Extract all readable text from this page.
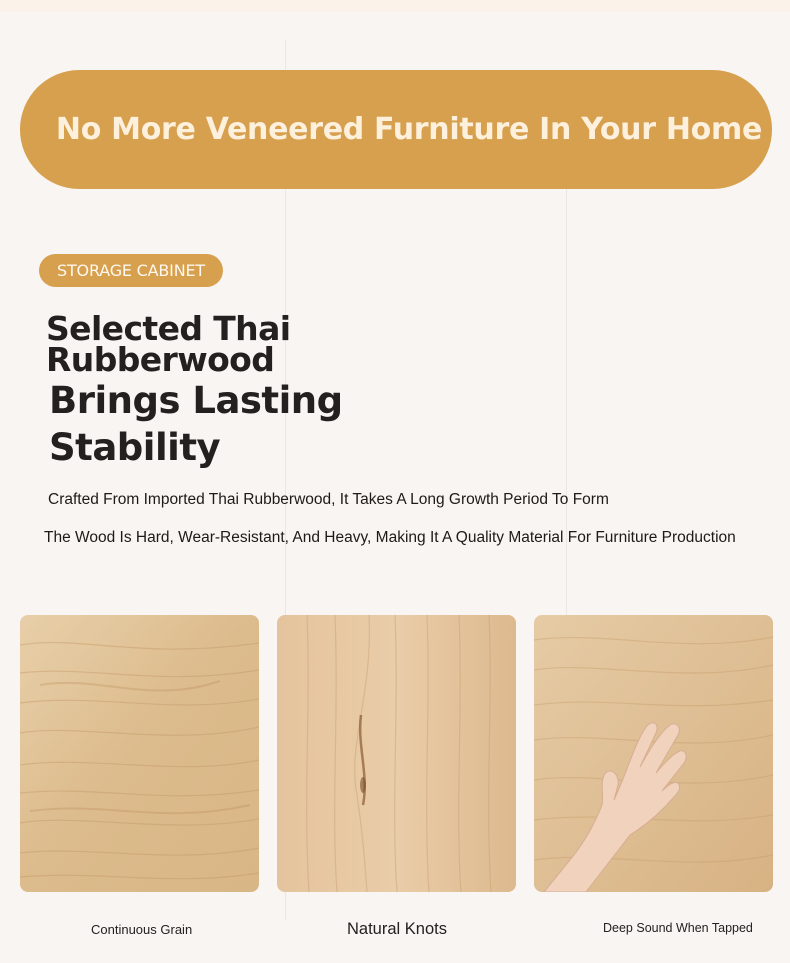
No More Veneered Furniture In Your Home
STORAGE CABINET
Selected Thai Rubberwood
Brings Lasting
Stability
Crafted From Imported Thai Rubberwood, It Takes A Long Growth Period To Form
The Wood Is Hard, Wear-Resistant, And Heavy, Making It A Quality Material For Furniture Production
Continuous Grain	Natural Knots	Deep Sound When Tapped
